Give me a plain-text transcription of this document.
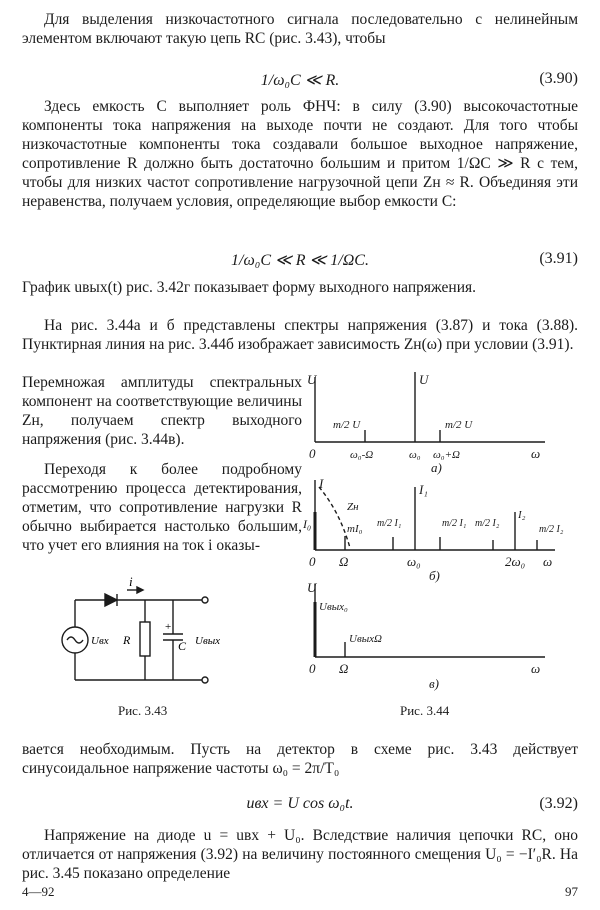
Для выделения низкочастотного сигнала последовательно с нелинейным элементом включают такую цепь RC (рис. 3.43), чтобы

1/ω₀C ≪ R.	(3.90)

Здесь емкость C выполняет роль ФНЧ: в силу (3.90) высокочастотные компоненты тока напряжения на выходе почти не создают. Для того чтобы низкочастотные компоненты тока создавали большое выходное напряжение, сопротивление R должно быть достаточно большим и притом 1/ΩC ≫ R с тем, чтобы для низких частот сопротивление нагрузочной цепи Zн ≈ R. Объединяя эти неравенства, получаем условия, определяющие выбор емкости C:

1/ω₀C ≪ R ≪ 1/ΩC.	(3.91)

График uвых(t) рис. 3.42г показывает форму выходного напряжения.

На рис. 3.44а и б представлены спектры напряжения (3.87) и тока (3.88). Пунктирная линия на рис. 3.44б изображает зависимость Zн(ω) при условии (3.91).

Перемножая амплитуды спектральных компонент на соответствующие величины Zн, получаем спектр выходного напряжения (рис. 3.44в).

Переходя к более подробному рассмотрению процесса детектирования, отметим, что сопротивление нагрузки R обычно выбирается настолько большим, что учет его влияния на ток i оказы-

i
Uвх R
+
C Uвых
Рис. 3.43	Рис. 3.44
U	U
m/2 U	m/2 U
0	ω₀-Ω	ω₀ ω₀+Ω	ω
а)
I	I₁
I₀
Zн
mI₀ m/2 I₁	m/2 I₁ m/2 I₂
I₂
m/2 I₂
0 Ω	ω₀	2ω₀ ω
б)
U
Uвых₀
UвыхΩ
0 Ω	ω
в)

вается необходимым. Пусть на детектор в схеме рис. 3.43 действует синусоидальное напряжение частоты ω₀ = 2π/T₀

uвх = U cos ω₀t.	(3.92)

Напряжение на диоде u = uвх + U₀. Вследствие наличия цепочки RC, оно отличается от напряжения (3.92) на величину постоянного смещения U₀ = −I′₀R. На рис. 3.45 показано определение

4—92	97
